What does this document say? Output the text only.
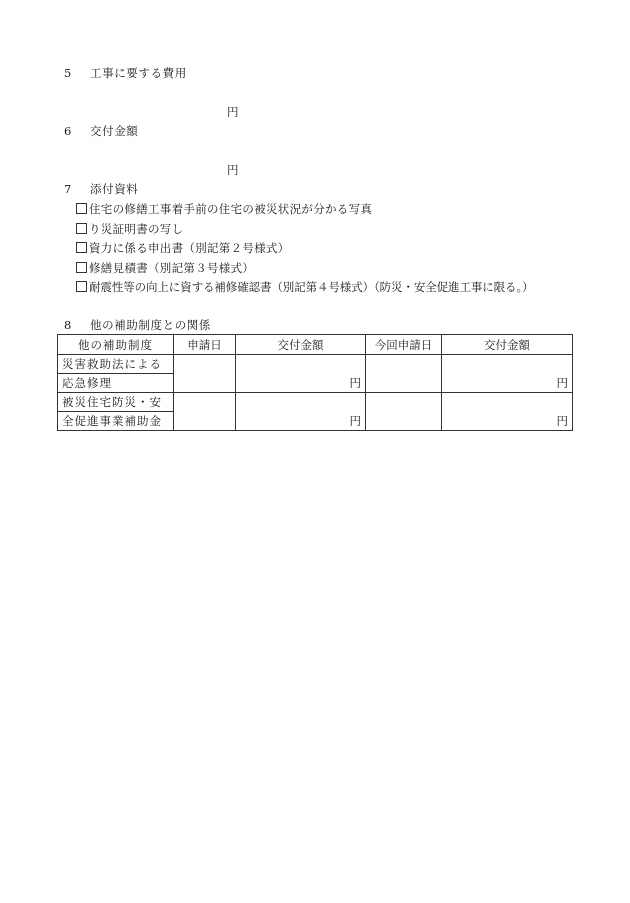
5 工事に要する費用
円
6 交付金額
円
7 添付資料
住宅の修繕工事着手前の住宅の被災状況が分かる写真
り災証明書の写し
資力に係る申出書（別記第２号様式）
修繕見積書（別記第３号様式）
耐震性等の向上に資する補修確認書（別記第４号様式）（防災・安全促進工事に限る。）
8 他の補助制度との関係
他の補助制度	申請日	交付金額	今回申請日	交付金額
災害救助法による		円		円
応急修理				
被災住宅防災・安		円		円
全促進事業補助金				
